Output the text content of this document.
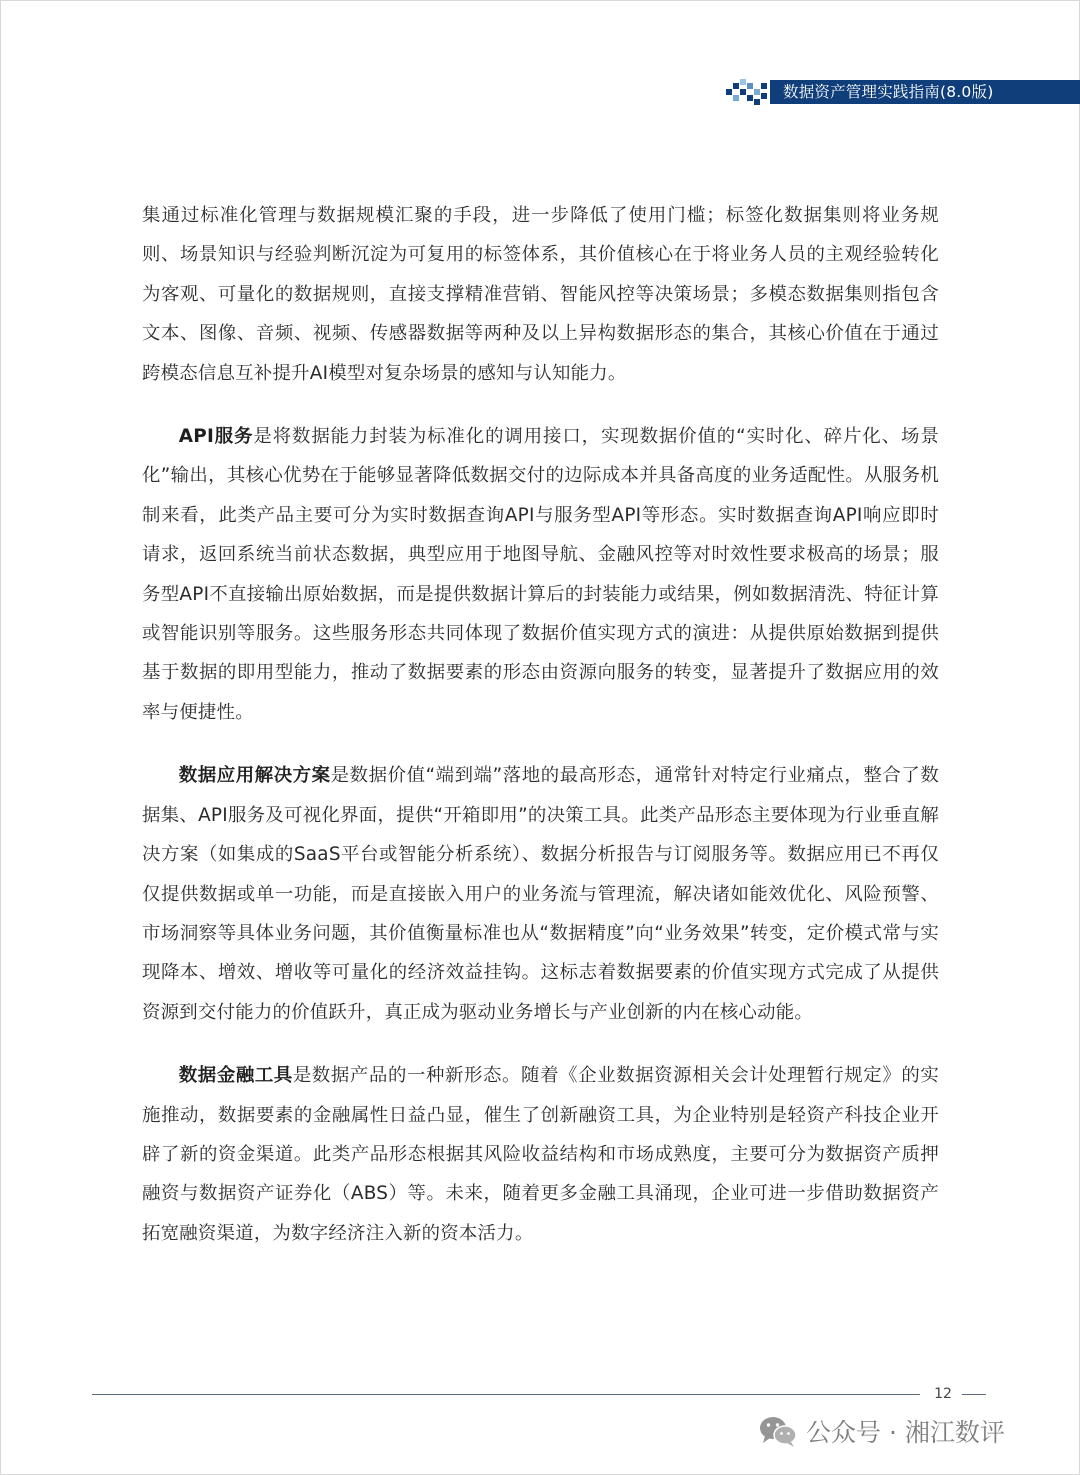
数据资产管理实践指南(8.0版)

集通过标准化管理与数据规模汇聚的手段，进一步降低了使用门槛；标签化数据集则将业务规则、场景知识与经验判断沉淀为可复用的标签体系，其价值核心在于将业务人员的主观经验转化为客观、可量化的数据规则，直接支撑精准营销、智能风控等决策场景；多模态数据集则指包含文本、图像、音频、视频、传感器数据等两种及以上异构数据形态的集合，其核心价值在于通过跨模态信息互补提升AI模型对复杂场景的感知与认知能力。

API服务是将数据能力封装为标准化的调用接口，实现数据价值的“实时化、碎片化、场景化”输出，其核心优势在于能够显著降低数据交付的边际成本并具备高度的业务适配性。从服务机制来看，此类产品主要可分为实时数据查询API与服务型API等形态。实时数据查询API响应即时请求，返回系统当前状态数据，典型应用于地图导航、金融风控等对时效性要求极高的场景；服务型API不直接输出原始数据，而是提供数据计算后的封装能力或结果，例如数据清洗、特征计算或智能识别等服务。这些服务形态共同体现了数据价值实现方式的演进：从提供原始数据到提供基于数据的即用型能力，推动了数据要素的形态由资源向服务的转变，显著提升了数据应用的效率与便捷性。

数据应用解决方案是数据价值“端到端”落地的最高形态，通常针对特定行业痛点，整合了数据集、API服务及可视化界面，提供“开箱即用”的决策工具。此类产品形态主要体现为行业垂直解决方案（如集成的SaaS平台或智能分析系统）、数据分析报告与订阅服务等。数据应用已不再仅仅提供数据或单一功能，而是直接嵌入用户的业务流与管理流，解决诸如能效优化、风险预警、市场洞察等具体业务问题，其价值衡量标准也从“数据精度”向“业务效果”转变，定价模式常与实现降本、增效、增收等可量化的经济效益挂钩。这标志着数据要素的价值实现方式完成了从提供资源到交付能力的价值跃升，真正成为驱动业务增长与产业创新的内在核心动能。

数据金融工具是数据产品的一种新形态。随着《企业数据资源相关会计处理暂行规定》的实施推动，数据要素的金融属性日益凸显，催生了创新融资工具，为企业特别是轻资产科技企业开辟了新的资金渠道。此类产品形态根据其风险收益结构和市场成熟度，主要可分为数据资产质押融资与数据资产证券化（ABS）等。未来，随着更多金融工具涌现，企业可进一步借助数据资产拓宽融资渠道，为数字经济注入新的资本活力。

12
公众号 · 湘江数评
